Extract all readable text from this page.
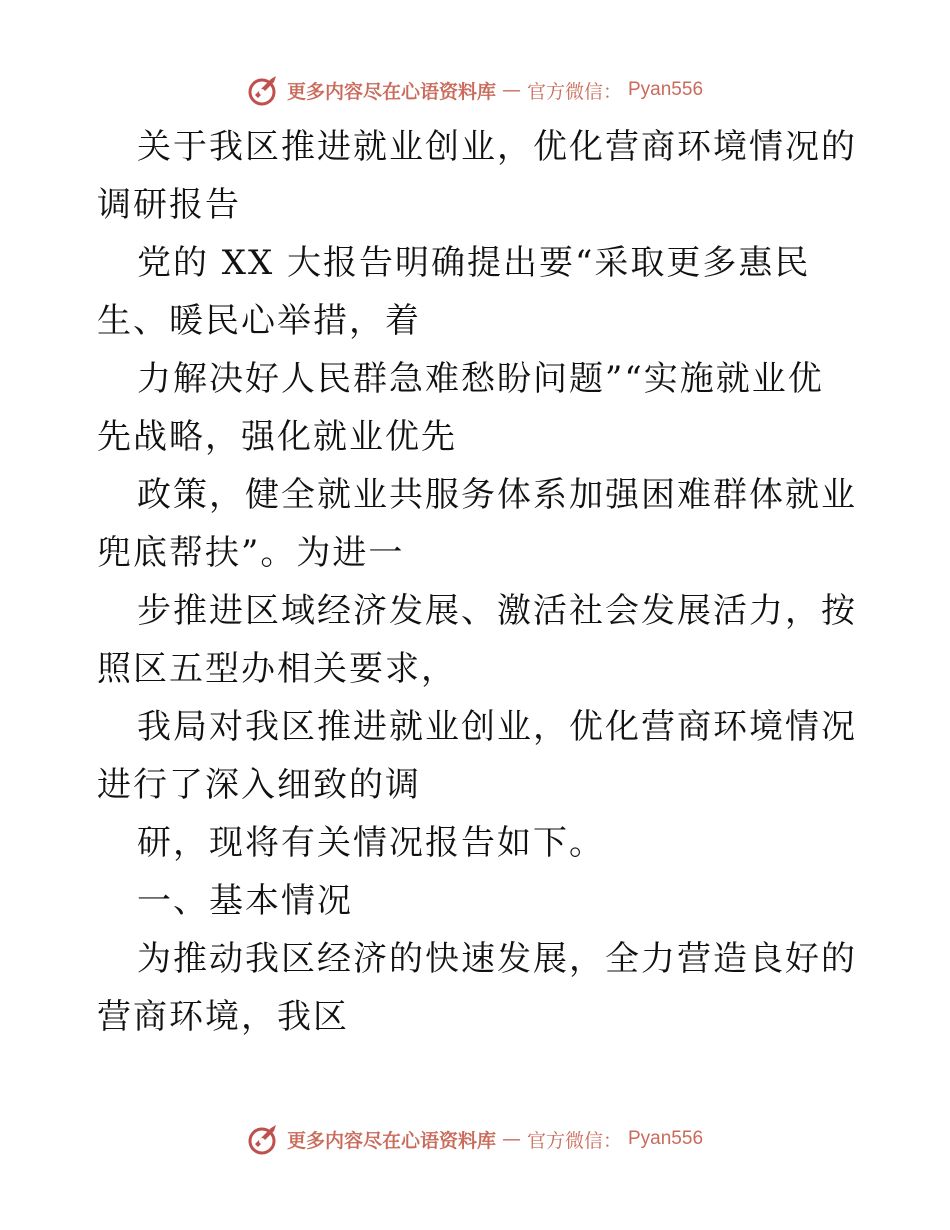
更多内容尽在心语资料库 — 官方微信： Pyan556

关于我区推进就业创业，优化营商环境情况的调研报告

党的 XX 大报告明确提出要“采取更多惠民生、暖民心举措，着

力解决好人民群急难愁盼问题”“实施就业优先战略，强化就业优先

政策，健全就业共服务体系加强困难群体就业兜底帮扶”。为进一

步推进区域经济发展、激活社会发展活力，按照区五型办相关要求，

我局对我区推进就业创业，优化营商环境情况进行了深入细致的调

研，现将有关情况报告如下。

一、基本情况

为推动我区经济的快速发展，全力营造良好的营商环境，我区

更多内容尽在心语资料库 — 官方微信： Pyan556
